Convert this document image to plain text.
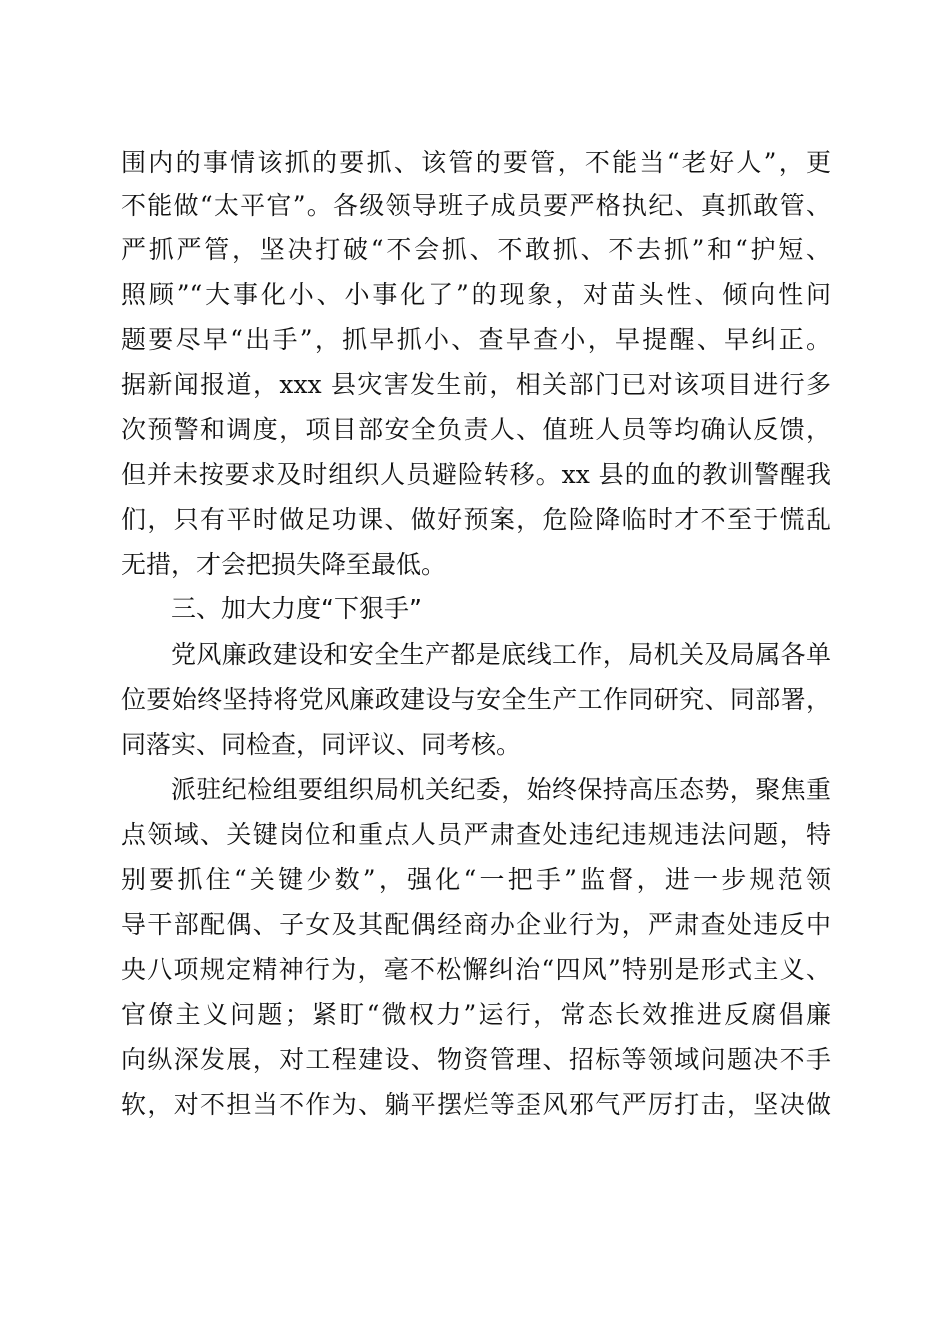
围内的事情该抓的要抓、该管的要管，不能当“老好人”，更
不能做“太平官”。各级领导班子成员要严格执纪、真抓敢管、
严抓严管，坚决打破“不会抓、不敢抓、不去抓”和“护短、
照顾”“大事化小、小事化了”的现象，对苗头性、倾向性问
题要尽早“出手”，抓早抓小、查早查小，早提醒、早纠正。
据新闻报道，xxx 县灾害发生前，相关部门已对该项目进行多
次预警和调度，项目部安全负责人、值班人员等均确认反馈，
但并未按要求及时组织人员避险转移。xx 县的血的教训警醒我
们，只有平时做足功课、做好预案，危险降临时才不至于慌乱
无措，才会把损失降至最低。
三、加大力度“下狠手”
党风廉政建设和安全生产都是底线工作，局机关及局属各单
位要始终坚持将党风廉政建设与安全生产工作同研究、同部署，
同落实、同检查，同评议、同考核。
派驻纪检组要组织局机关纪委，始终保持高压态势，聚焦重
点领域、关键岗位和重点人员严肃查处违纪违规违法问题，特
别要抓住“关键少数”，强化“一把手”监督，进一步规范领
导干部配偶、子女及其配偶经商办企业行为，严肃查处违反中
央八项规定精神行为，毫不松懈纠治“四风”特别是形式主义、
官僚主义问题；紧盯“微权力”运行，常态长效推进反腐倡廉
向纵深发展，对工程建设、物资管理、招标等领域问题决不手
软，对不担当不作为、躺平摆烂等歪风邪气严厉打击，坚决做
